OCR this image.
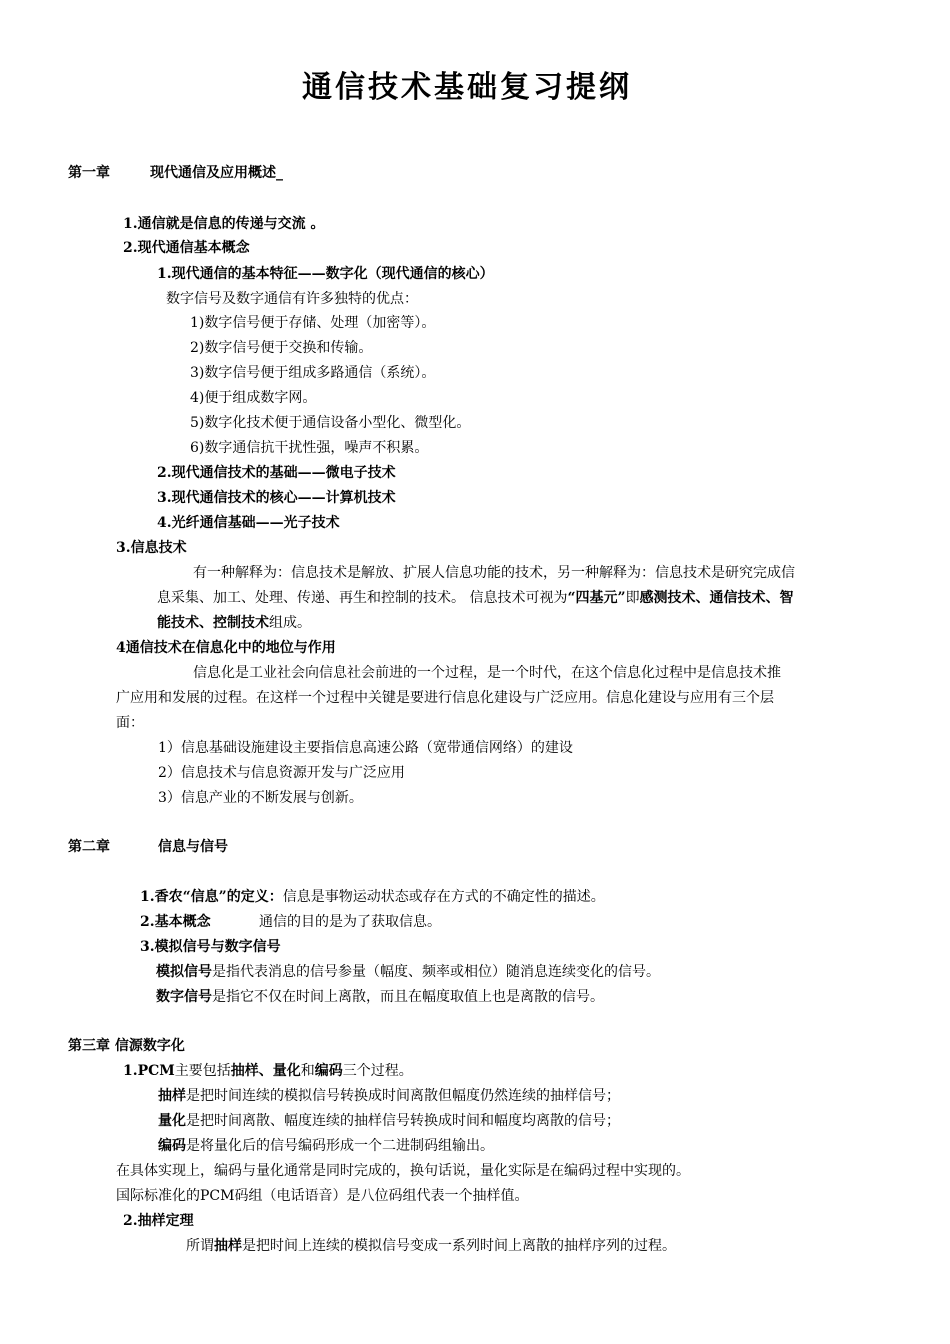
通信技术基础复习提纲
第一章	现代通信及应用概述_
1.通信就是信息的传递与交流 。
2.现代通信基本概念
1.现代通信的基本特征——数字化（现代通信的核心）
数字信号及数字通信有许多独特的优点：
1)数字信号便于存储、处理（加密等）。
2)数字信号便于交换和传输。
3)数字信号便于组成多路通信（系统）。
4)便于组成数字网。
5)数字化技术便于通信设备小型化、微型化。
6)数字通信抗干扰性强，噪声不积累。
2.现代通信技术的基础——微电子技术
3.现代通信技术的核心——计算机技术
4.光纤通信基础——光子技术
3.信息技术
有一种解释为：信息技术是解放、扩展人信息功能的技术，另一种解释为：信息技术是研究完成信
息采集、加工、处理、传递、再生和控制的技术。 信息技术可视为“四基元”即感测技术、通信技术、智
能技术、控制技术组成。
4通信技术在信息化中的地位与作用
信息化是工业社会向信息社会前进的一个过程，是一个时代，在这个信息化过程中是信息技术推
广应用和发展的过程。在这样一个过程中关键是要进行信息化建设与广泛应用。信息化建设与应用有三个层
面：
1）信息基础设施建设主要指信息高速公路（宽带通信网络）的建设
2）信息技术与信息资源开发与广泛应用
3）信息产业的不断发展与创新。
第二章	信息与信号
1.香农“信息”的定义：信息是事物运动状态或存在方式的不确定性的描述。
2.基本概念	通信的目的是为了获取信息。
3.模拟信号与数字信号
模拟信号是指代表消息的信号参量（幅度、频率或相位）随消息连续变化的信号。
数字信号是指它不仅在时间上离散，而且在幅度取值上也是离散的信号。
第三章 信源数字化
1.PCM主要包括抽样、量化和编码三个过程。
抽样是把时间连续的模拟信号转换成时间离散但幅度仍然连续的抽样信号；
量化是把时间离散、幅度连续的抽样信号转换成时间和幅度均离散的信号；
编码是将量化后的信号编码形成一个二进制码组输出。
在具体实现上，编码与量化通常是同时完成的，换句话说，量化实际是在编码过程中实现的。
国际标准化的PCM码组（电话语音）是八位码组代表一个抽样值。
2.抽样定理
所谓抽样是把时间上连续的模拟信号变成一系列时间上离散的抽样序列的过程。
